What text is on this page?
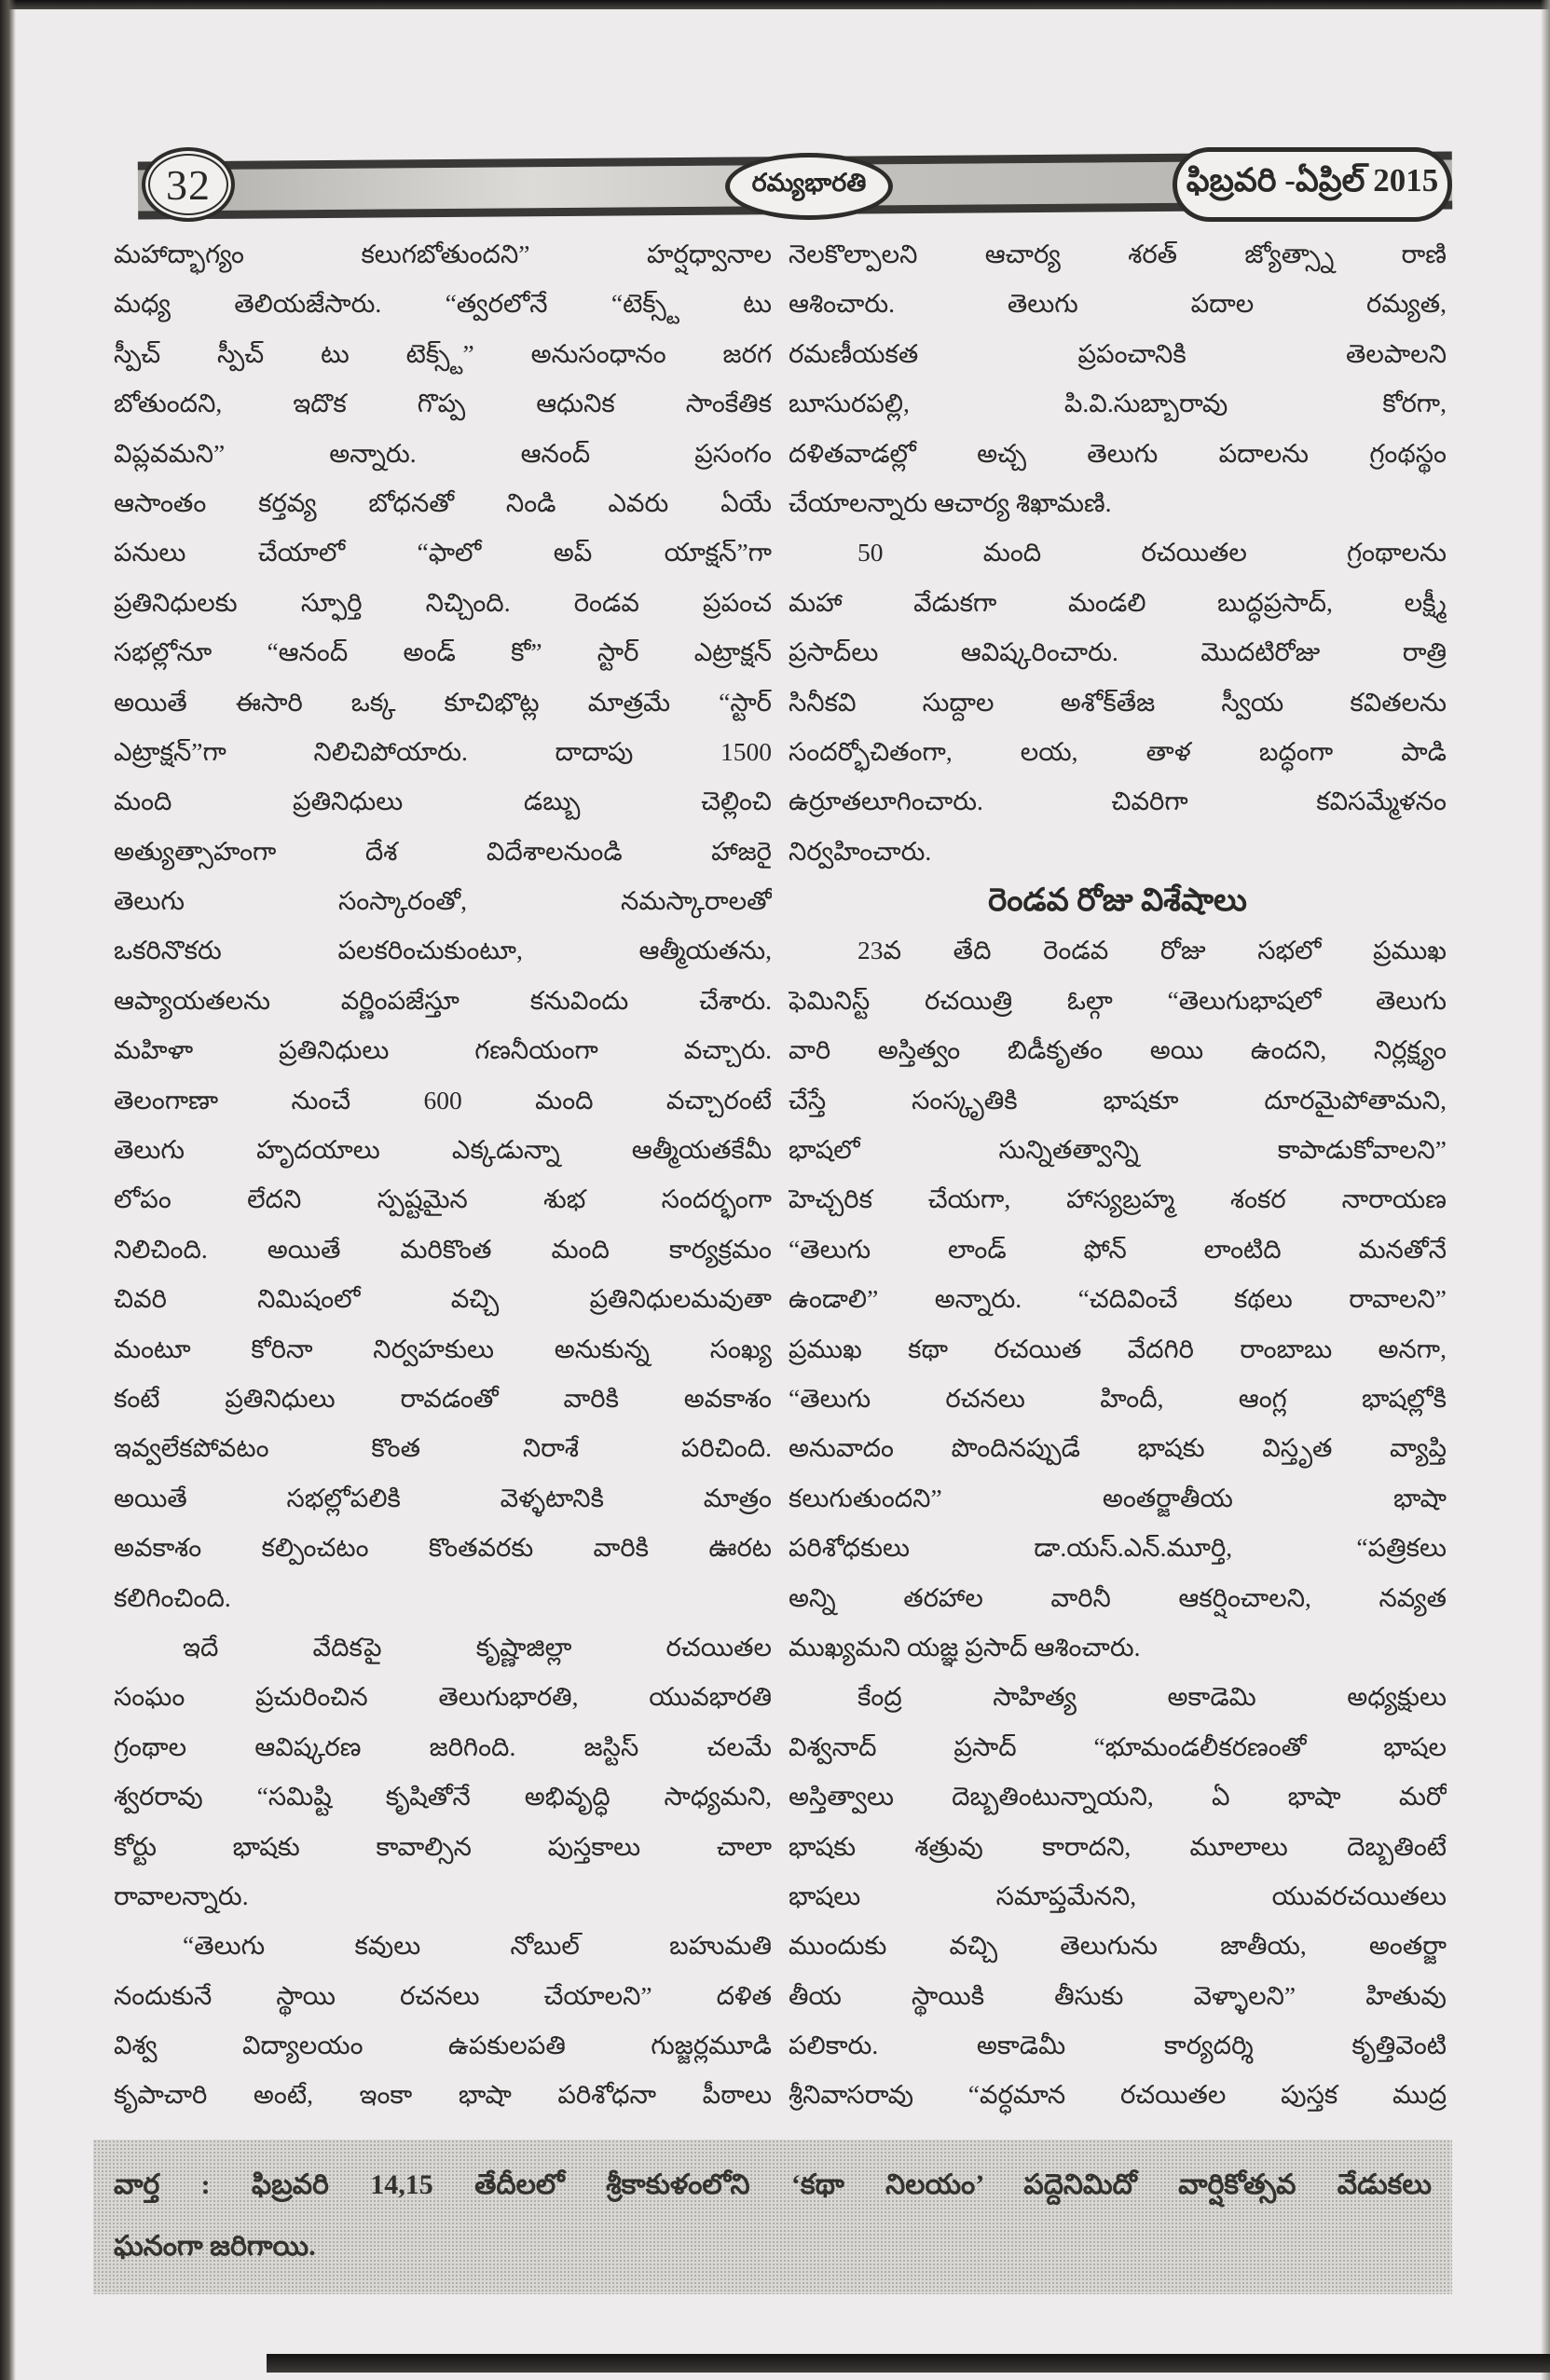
32	రమ్యభారతి	ఫిబ్రవరి -ఏప్రిల్ 2015
మహాద్భాగ్యం కలుగబోతుందని” హర్షధ్వానాల
మధ్య తెలియజేసారు. “త్వరలోనే “టెక్స్ట్ టు
స్పీచ్ స్పీచ్ టు టెక్స్ట్” అనుసంధానం జరగ
బోతుందని, ఇదొక గొప్ప ఆధునిక సాంకేతిక
విప్లవమని” అన్నారు. ఆనంద్ ప్రసంగం
ఆసాంతం కర్తవ్య బోధనతో నిండి ఎవరు ఏయే
పనులు చేయాలో “ఫాలో అప్ యాక్షన్”గా
ప్రతినిధులకు స్ఫూర్తి నిచ్చింది. రెండవ ప్రపంచ
సభల్లోనూ “ఆనంద్ అండ్ కో” స్టార్ ఎట్రాక్షన్
అయితే ఈసారి ఒక్క కూచిభొట్ల మాత్రమే “స్టార్
ఎట్రాక్షన్”గా నిలిచిపోయారు. దాదాపు 1500
మంది ప్రతినిధులు డబ్బు చెల్లించి
అత్యుత్సాహంగా దేశ విదేశాలనుండి హాజరై
తెలుగు సంస్కారంతో, నమస్కారాలతో
ఒకరినొకరు పలకరించుకుంటూ, ఆత్మీయతను,
ఆప్యాయతలను వర్ణింపజేస్తూ కనువిందు చేశారు.
మహిళా ప్రతినిధులు గణనీయంగా వచ్చారు.
తెలంగాణా నుంచే 600 మంది వచ్చారంటే
తెలుగు హృదయాలు ఎక్కడున్నా ఆత్మీయతకేమీ
లోపం లేదని స్పష్టమైన శుభ సందర్భంగా
నిలిచింది. అయితే మరికొంత మంది కార్యక్రమం
చివరి నిమిషంలో వచ్చి ప్రతినిధులమవుతా
మంటూ కోరినా నిర్వహకులు అనుకున్న సంఖ్య
కంటే ప్రతినిధులు రావడంతో వారికి అవకాశం
ఇవ్వలేకపోవటం కొంత నిరాశే పరిచింది.
అయితే సభల్లోపలికి వెళ్ళటానికి మాత్రం
అవకాశం కల్పించటం కొంతవరకు వారికి ఊరట
కలిగించింది.
ఇదే వేదికపై కృష్ణాజిల్లా రచయితల
సంఘం ప్రచురించిన తెలుగుభారతి, యువభారతి
గ్రంథాల ఆవిష్కరణ జరిగింది. జస్టిస్ చలమే
శ్వరరావు “సమిష్టి కృషితోనే అభివృద్ధి సాధ్యమని,
కోర్టు భాషకు కావాల్సిన పుస్తకాలు చాలా
రావాలన్నారు.
“తెలుగు కవులు నోబుల్ బహుమతి
నందుకునే స్థాయి రచనలు చేయాలని” దళిత
విశ్వ విద్యాలయం ఉపకులపతి గుజ్జర్లమూడి
కృపాచారి అంటే, ఇంకా భాషా పరిశోధనా పీఠాలు
నెలకొల్పాలని ఆచార్య శరత్ జ్యోత్స్నా రాణి
ఆశించారు. తెలుగు పదాల రమ్యత,
రమణీయకత ప్రపంచానికి తెలపాలని
బూసురపల్లి, పి.వి.సుబ్బారావు కోరగా,
దళితవాడల్లో అచ్చ తెలుగు పదాలను గ్రంథస్థం
చేయాలన్నారు ఆచార్య శిఖామణి.
50 మంది రచయితల గ్రంథాలను
మహా వేడుకగా మండలి బుద్ధప్రసాద్, లక్ష్మీ
ప్రసాద్‌లు ఆవిష్కరించారు. మొదటిరోజు రాత్రి
సినీకవి సుద్దాల అశోక్‌తేజ స్వీయ కవితలను
సందర్భోచితంగా, లయ, తాళ బద్ధంగా పాడి
ఉర్రూతలూగించారు. చివరిగా కవిసమ్మేళనం
నిర్వహించారు.
రెండవ రోజు విశేషాలు
23వ తేది రెండవ రోజు సభలో ప్రముఖ
ఫెమినిస్ట్ రచయిత్రి ఓల్గా “తెలుగుభాషలో తెలుగు
వారి అస్తిత్వం బిడీకృతం అయి ఉందని, నిర్లక్ష్యం
చేస్తే సంస్కృతికి భాషకూ దూరమైపోతామని,
భాషలో సున్నితత్వాన్ని కాపాడుకోవాలని”
హెచ్చరిక చేయగా, హాస్యబ్రహ్మ శంకర నారాయణ
“తెలుగు లాండ్ ఫోన్ లాంటిది మనతోనే
ఉండాలి” అన్నారు. “చదివించే కథలు రావాలని”
ప్రముఖ కథా రచయిత వేదగిరి రాంబాబు అనగా,
“తెలుగు రచనలు హిందీ, ఆంగ్ల భాషల్లోకి
అనువాదం పొందినప్పుడే భాషకు విస్తృత వ్యాప్తి
కలుగుతుందని” అంతర్జాతీయ భాషా
పరిశోధకులు డా.యస్.ఎన్.మూర్తి, “పత్రికలు
అన్ని తరహాల వారినీ ఆకర్షించాలని, నవ్యత
ముఖ్యమని యజ్ఞ ప్రసాద్ ఆశించారు.
కేంద్ర సాహిత్య అకాడెమి అధ్యక్షులు
విశ్వనాద్ ప్రసాద్ “భూమండలీకరణంతో భాషల
అస్తిత్వాలు దెబ్బతింటున్నాయని, ఏ భాషా మరో
భాషకు శత్రువు కారాదని, మూలాలు దెబ్బతింటే
భాషలు సమాప్తమేనని, యువరచయితలు
ముందుకు వచ్చి తెలుగును జాతీయ, అంతర్జా
తీయ స్థాయికి తీసుకు వెళ్ళాలని” హితువు
పలికారు. అకాడెమీ కార్యదర్శి కృత్తివెంటి
శ్రీనివాసరావు “వర్ధమాన రచయితల పుస్తక ముద్ర
వార్త : ఫిబ్రవరి 14,15 తేదీలలో శ్రీకాకుళంలోని ‘కథా నిలయం’ పద్దెనిమిదో వార్షికోత్సవ వేడుకలు
ఘనంగా జరిగాయి.
